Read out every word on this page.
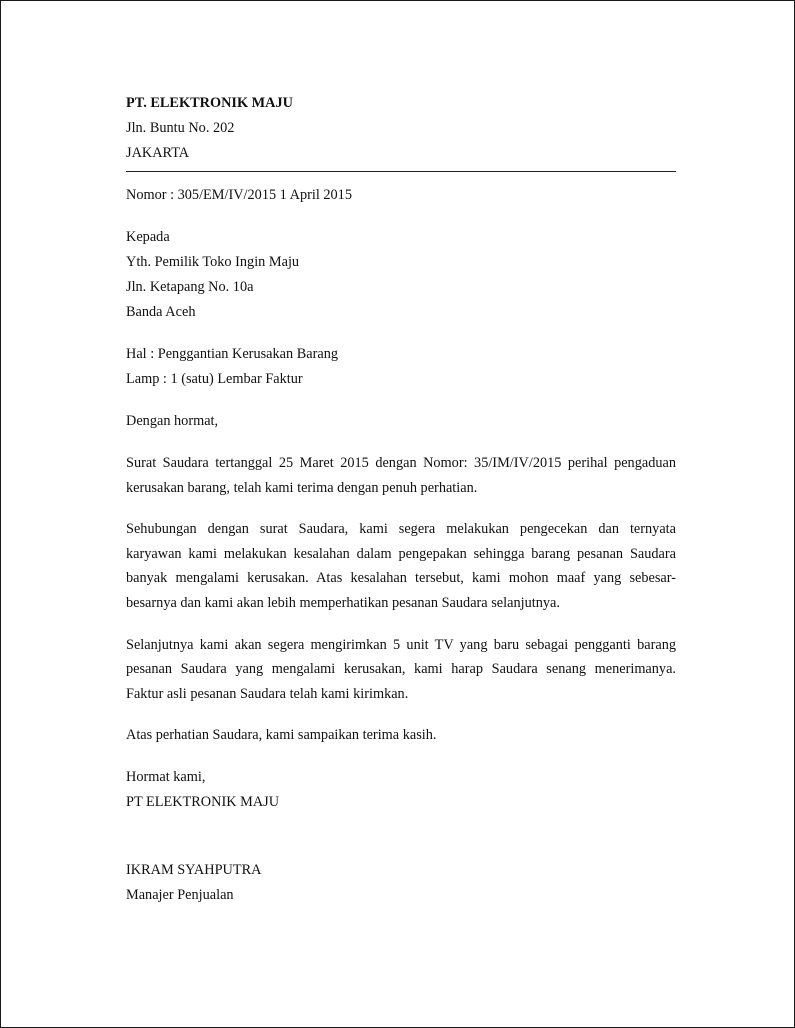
PT. ELEKTRONIK MAJU
Jln. Buntu No. 202
JAKARTA
Nomor : 305/EM/IV/2015 1 April 2015
Kepada
Yth. Pemilik Toko Ingin Maju
Jln. Ketapang No. 10a
Banda Aceh
Hal : Penggantian Kerusakan Barang
Lamp : 1 (satu) Lembar Faktur
Dengan hormat,
Surat Saudara tertanggal 25 Maret 2015 dengan Nomor: 35/IM/IV/2015 perihal pengaduan
kerusakan barang, telah kami terima dengan penuh perhatian.
Sehubungan dengan surat Saudara, kami segera melakukan pengecekan dan ternyata
karyawan kami melakukan kesalahan dalam pengepakan sehingga barang pesanan Saudara
banyak mengalami kerusakan. Atas kesalahan tersebut, kami mohon maaf yang sebesar-
besarnya dan kami akan lebih memperhatikan pesanan Saudara selanjutnya.
Selanjutnya kami akan segera mengirimkan 5 unit TV yang baru sebagai pengganti barang
pesanan Saudara yang mengalami kerusakan, kami harap Saudara senang menerimanya.
Faktur asli pesanan Saudara telah kami kirimkan.
Atas perhatian Saudara, kami sampaikan terima kasih.
Hormat kami,
PT ELEKTRONIK MAJU
IKRAM SYAHPUTRA
Manajer Penjualan
